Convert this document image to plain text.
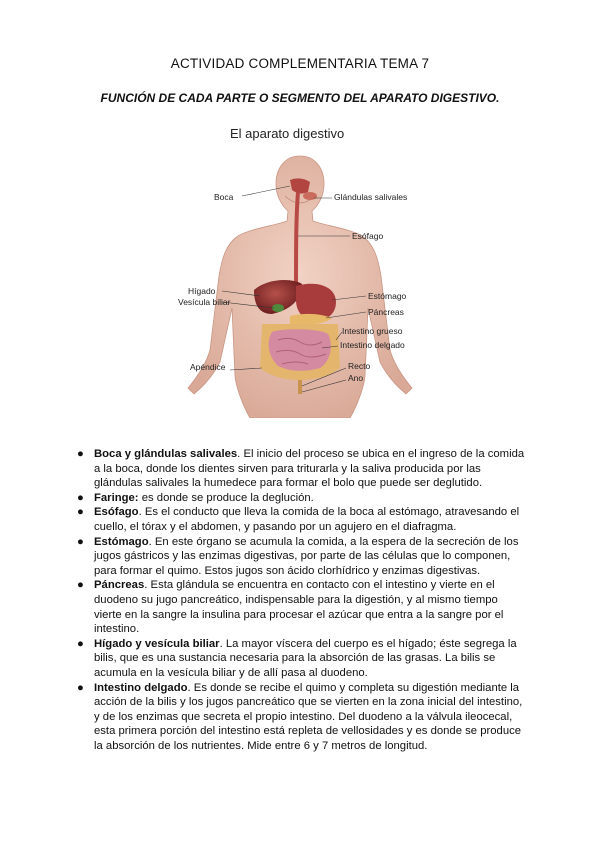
ACTIVIDAD COMPLEMENTARIA TEMA 7
FUNCIÓN DE CADA PARTE O SEGMENTO DEL APARATO DIGESTIVO.
El aparato digestivo
Boca	Glándulas salivales
Esófago
Hígado
Vesícula biliar
Estómago
Páncreas
Intestino grueso
Intestino delgado
Apéndice	Recto
Ano
● Boca y glándulas salivales. El inicio del proceso se ubica en el ingreso de la comida a la boca, donde los dientes sirven para triturarla y la saliva producida por las glándulas salivales la humedece para formar el bolo que puede ser deglutido.
● Faringe: es donde se produce la deglución.
● Esófago. Es el conducto que lleva la comida de la boca al estómago, atravesando el cuello, el tórax y el abdomen, y pasando por un agujero en el diafragma.
● Estómago. En este órgano se acumula la comida, a la espera de la secreción de los jugos gástricos y las enzimas digestivas, por parte de las células que lo componen, para formar el quimo. Estos jugos son ácido clorhídrico y enzimas digestivas.
● Páncreas. Esta glándula se encuentra en contacto con el intestino y vierte en el duodeno su jugo pancreático, indispensable para la digestión, y al mismo tiempo vierte en la sangre la insulina para procesar el azúcar que entra a la sangre por el intestino.
● Hígado y vesícula biliar. La mayor víscera del cuerpo es el hígado; éste segrega la bilis, que es una sustancia necesaria para la absorción de las grasas. La bilis se acumula en la vesícula biliar y de allí pasa al duodeno.
● Intestino delgado. Es donde se recibe el quimo y completa su digestión mediante la acción de la bilis y los jugos pancreático que se vierten en la zona inicial del intestino, y de los enzimas que secreta el propio intestino. Del duodeno a la válvula ileocecal, esta primera porción del intestino está repleta de vellosidades y es donde se produce la absorción de los nutrientes. Mide entre 6 y 7 metros de longitud.
